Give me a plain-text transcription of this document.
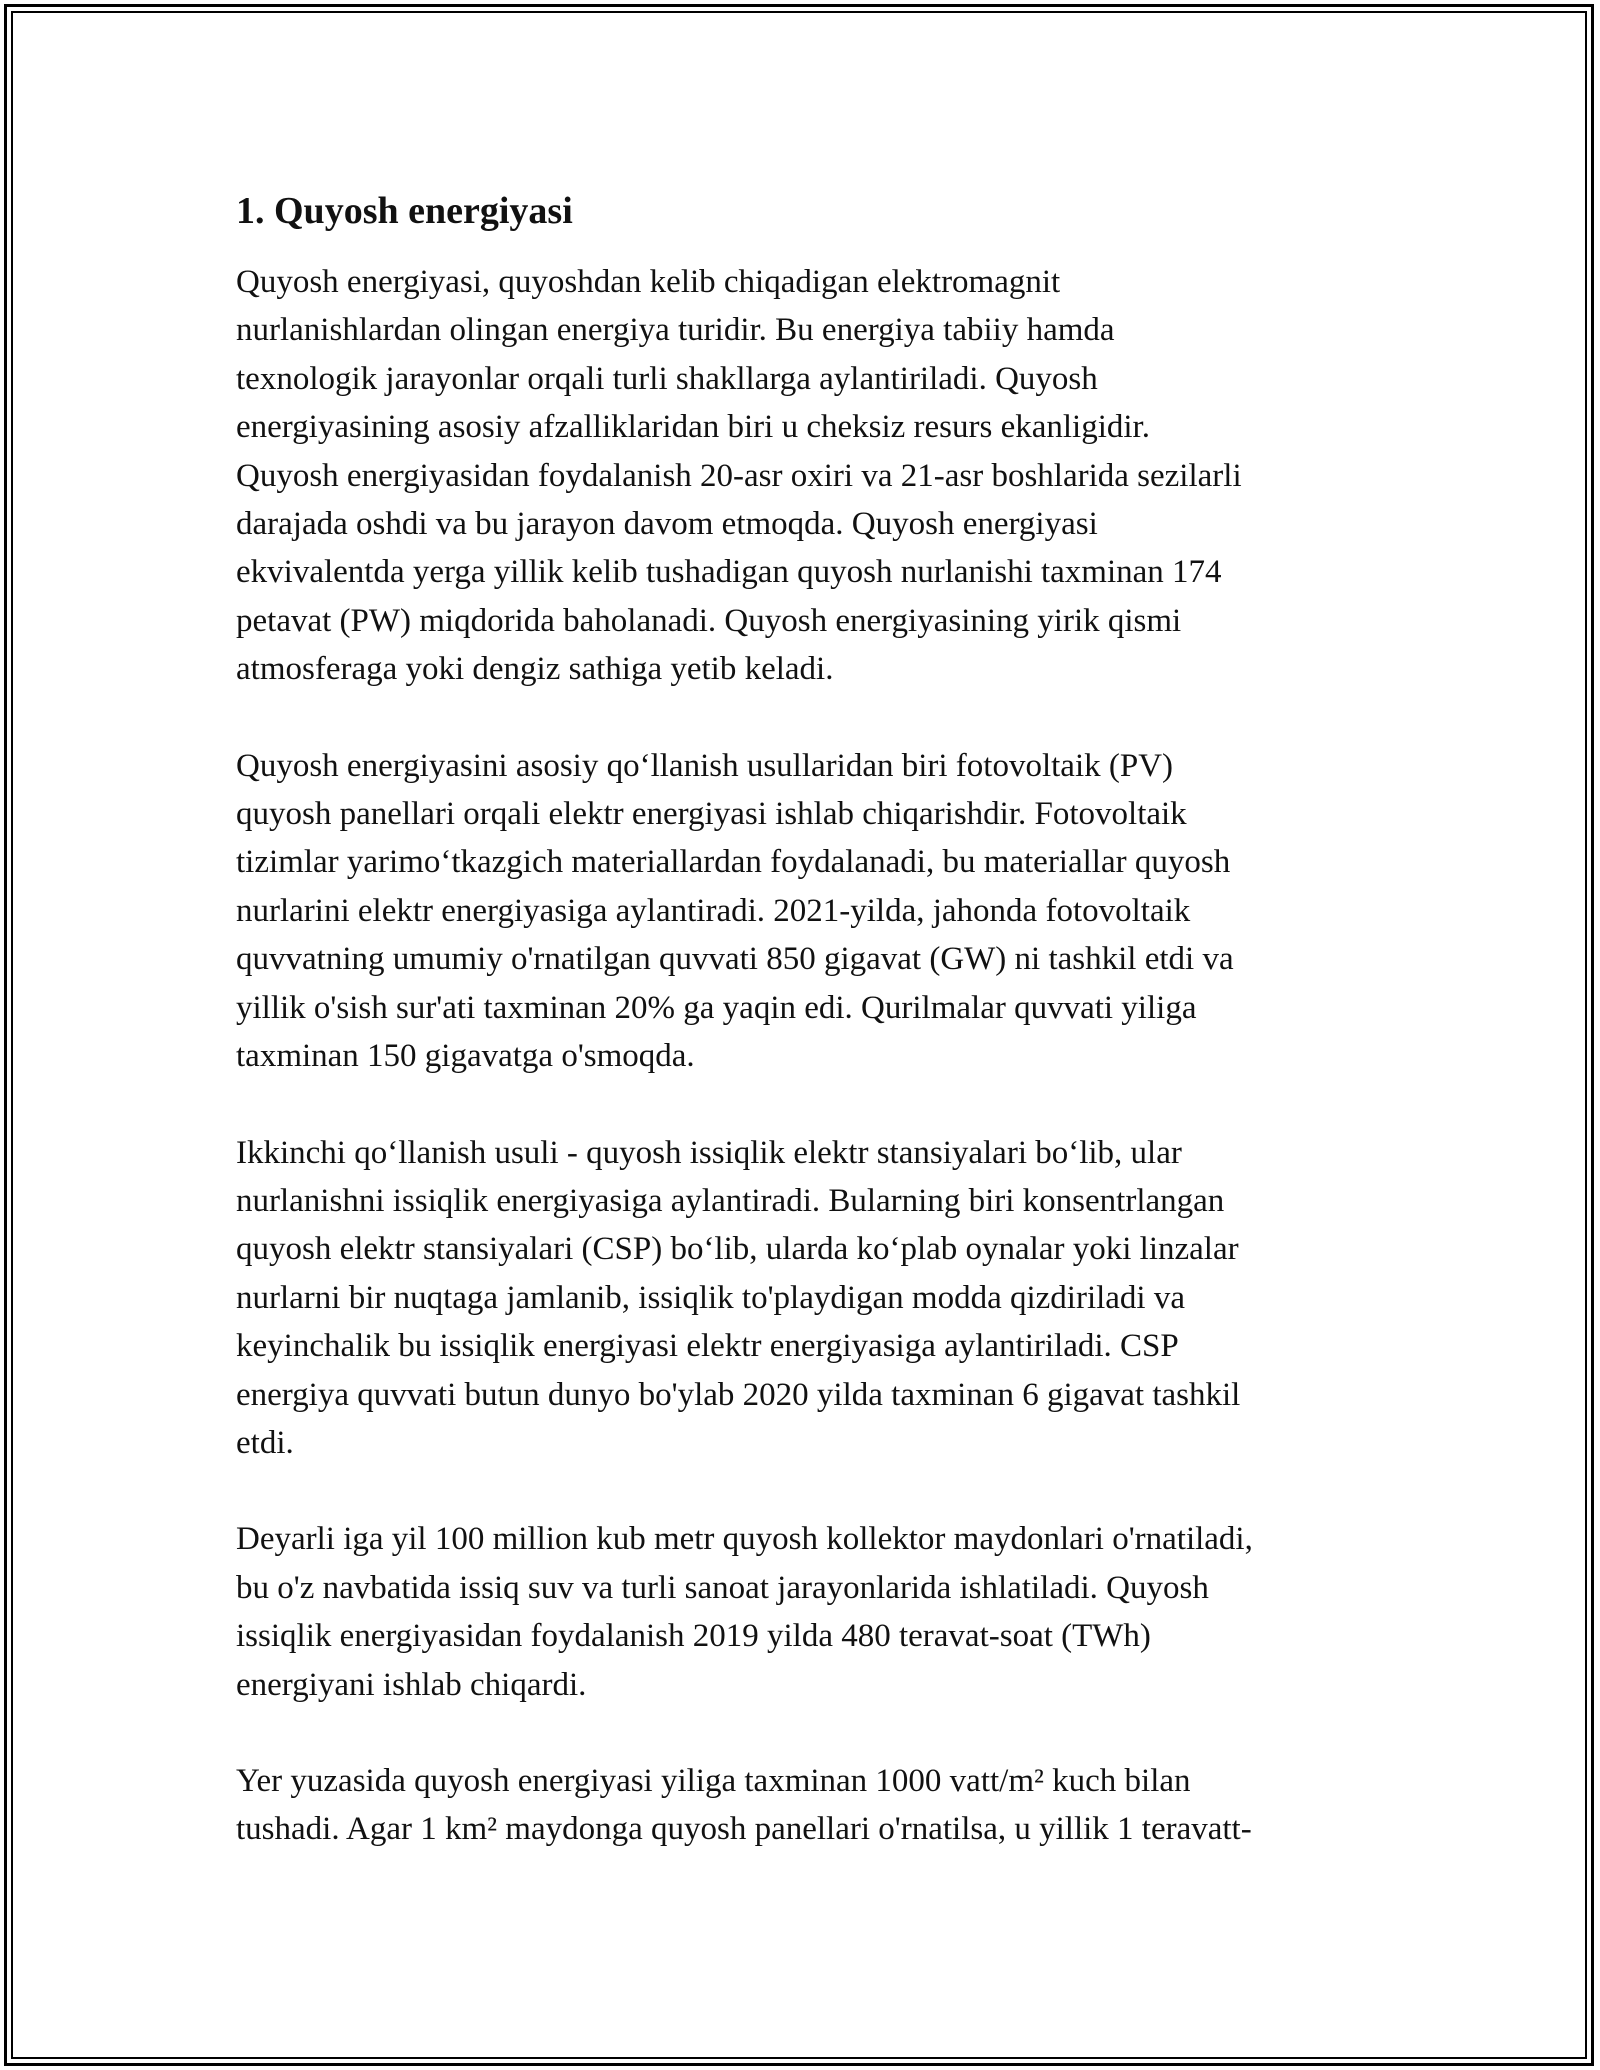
1. Quyosh energiyasi

Quyosh energiyasi, quyoshdan kelib chiqadigan elektromagnit
nurlanishlardan olingan energiya turidir. Bu energiya tabiiy hamda
texnologik jarayonlar orqali turli shakllarga aylantiriladi. Quyosh
energiyasining asosiy afzalliklaridan biri u cheksiz resurs ekanligidir.
Quyosh energiyasidan foydalanish 20-asr oxiri va 21-asr boshlarida sezilarli
darajada oshdi va bu jarayon davom etmoqda. Quyosh energiyasi
ekvivalentda yerga yillik kelib tushadigan quyosh nurlanishi taxminan 174
petavat (PW) miqdorida baholanadi. Quyosh energiyasining yirik qismi
atmosferaga yoki dengiz sathiga yetib keladi.

Quyosh energiyasini asosiy qo‘llanish usullaridan biri fotovoltaik (PV)
quyosh panellari orqali elektr energiyasi ishlab chiqarishdir. Fotovoltaik
tizimlar yarimo‘tkazgich materiallardan foydalanadi, bu materiallar quyosh
nurlarini elektr energiyasiga aylantiradi. 2021-yilda, jahonda fotovoltaik
quvvatning umumiy o'rnatilgan quvvati 850 gigavat (GW) ni tashkil etdi va
yillik o'sish sur'ati taxminan 20% ga yaqin edi. Qurilmalar quvvati yiliga
taxminan 150 gigavatga o'smoqda.

Ikkinchi qo‘llanish usuli - quyosh issiqlik elektr stansiyalari bo‘lib, ular
nurlanishni issiqlik energiyasiga aylantiradi. Bularning biri konsentrlangan
quyosh elektr stansiyalari (CSP) bo‘lib, ularda ko‘plab oynalar yoki linzalar
nurlarni bir nuqtaga jamlanib, issiqlik to'playdigan modda qizdiriladi va
keyinchalik bu issiqlik energiyasi elektr energiyasiga aylantiriladi. CSP
energiya quvvati butun dunyo bo'ylab 2020 yilda taxminan 6 gigavat tashkil
etdi.

Deyarli iga yil 100 million kub metr quyosh kollektor maydonlari o'rnatiladi,
bu o'z navbatida issiq suv va turli sanoat jarayonlarida ishlatiladi. Quyosh
issiqlik energiyasidan foydalanish 2019 yilda 480 teravat-soat (TWh)
energiyani ishlab chiqardi.

Yer yuzasida quyosh energiyasi yiliga taxminan 1000 vatt/m² kuch bilan
tushadi. Agar 1 km² maydonga quyosh panellari o'rnatilsa, u yillik 1 teravatt-
